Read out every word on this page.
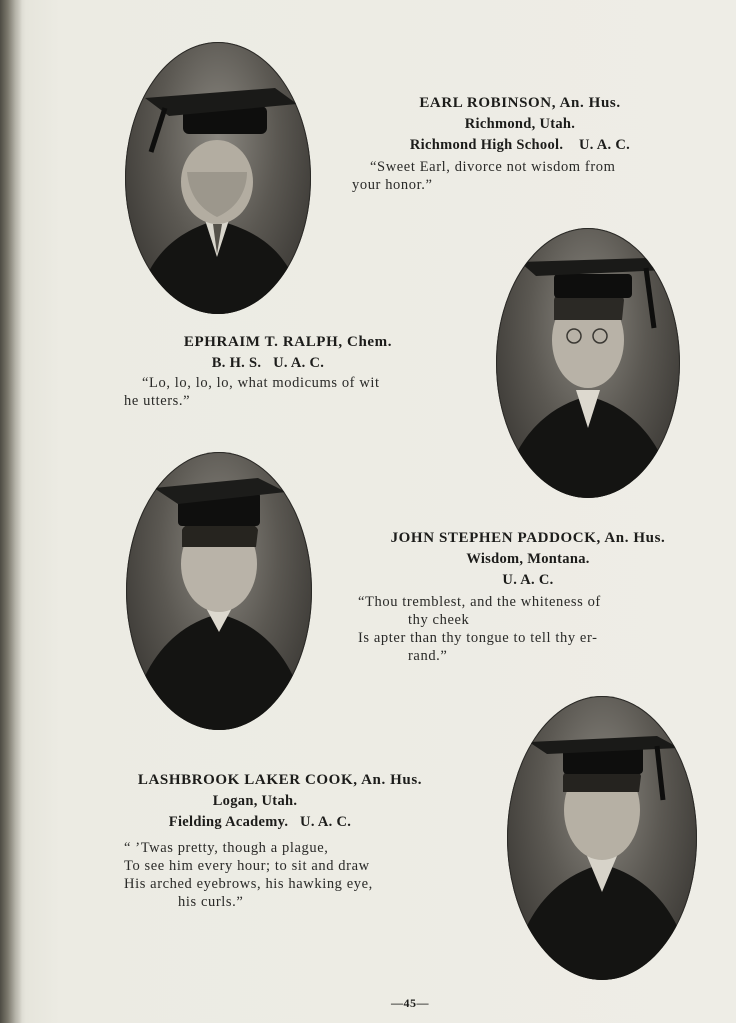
EARL ROBINSON, An. Hus.
Richmond, Utah.
Richmond High School.    U. A. C.
“Sweet Earl, divorce not wisdom from
your honor.”
EPHRAIM T. RALPH, Chem.
B. H. S.   U. A. C.
“Lo, lo, lo, lo, what modicums of wit
he utters.”
JOHN STEPHEN PADDOCK, An. Hus.
Wisdom, Montana.
U. A. C.
“Thou tremblest, and the whiteness of
thy cheek
Is apter than thy tongue to tell thy er-
rand.”
LASHBROOK LAKER COOK, An. Hus.
Logan, Utah.
Fielding Academy.   U. A. C.
“ ’Twas pretty, though a plague,
To see him every hour; to sit and draw
His arched eyebrows, his hawking eye,
his curls.”
—45—
